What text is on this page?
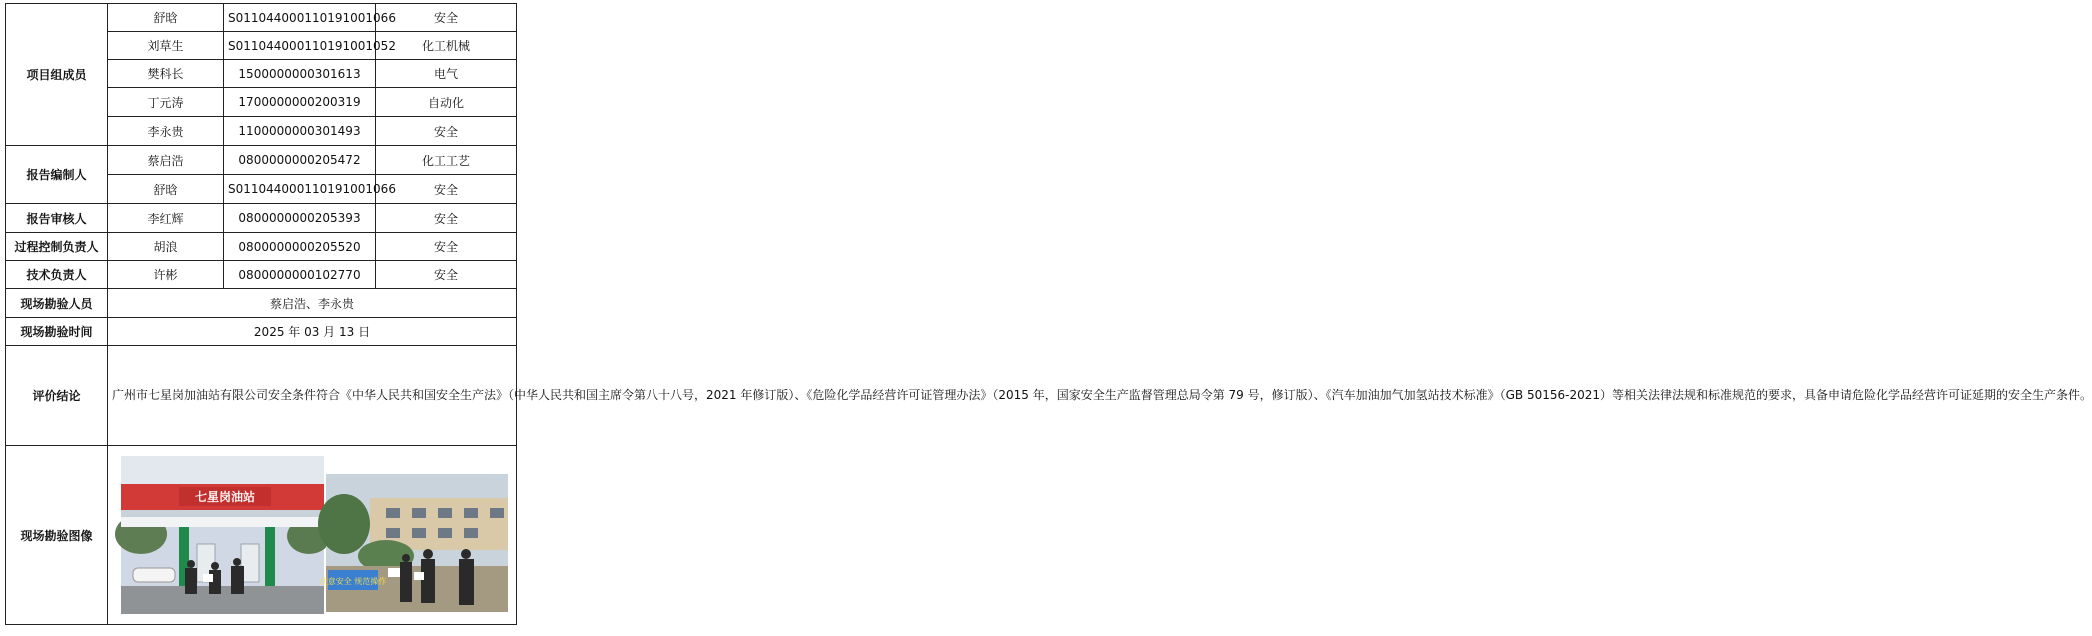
项目组成员	舒晗	S011044000110191001066	安全
	刘草生	S011044000110191001052	化工机械
	樊科长	1500000000301613	电气
	丁元涛	1700000000200319	自动化
	李永贵	1100000000301493	安全
报告编制人	蔡启浩	0800000000205472	化工工艺
	舒晗	S011044000110191001066	安全
报告审核人	李红辉	0800000000205393	安全
过程控制负责人	胡浪	0800000000205520	安全
技术负责人	许彬	0800000000102770	安全
现场勘验人员	蔡启浩、李永贵		
现场勘验时间	2025 年 03 月 13 日		
评价结论	广州市七星岗加油站有限公司安全条件符合《中华人民共和国安全生产法》（中华人民共和国主席令第八十八号，2021 年修订版）、《危险化学品经营许可证管理办法》（2015 年，国家安全生产监督管理总局令第 79 号，修订版）、《汽车加油加气加氢站技术标准》（GB 50156-2021）等相关法律法规和标准规范的要求，具备申请危险化学品经营许可证延期的安全生产条件。		
现场勘验图像	七星岗油站
注意安全 规范操作		
